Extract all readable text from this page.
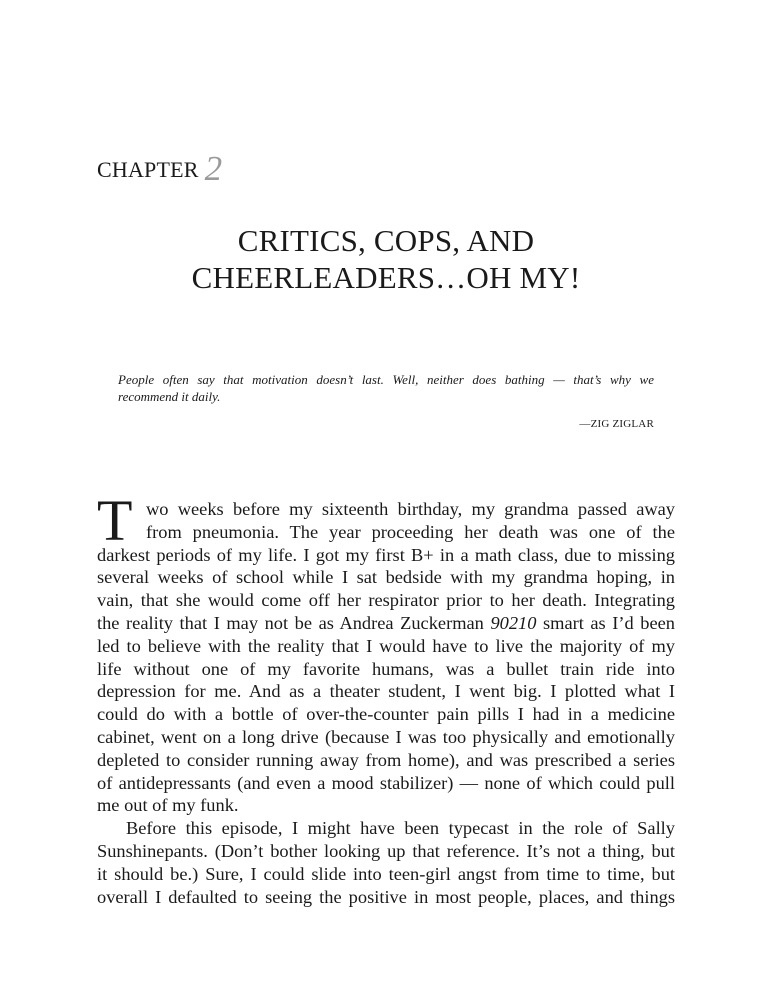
CHAPTER 2
CRITICS, COPS, AND
CHEERLEADERS…OH MY!
People often say that motivation doesn’t last. Well, neither does bathing — that’s why we
recommend it daily.
—ZIG ZIGLAR
T wo weeks before my sixteenth birthday, my grandma passed away
from pneumonia. The year proceeding her death was one of the
darkest periods of my life. I got my first B+ in a math class, due to missing
several weeks of school while I sat bedside with my grandma hoping, in
vain, that she would come off her respirator prior to her death. Integrating
the reality that I may not be as Andrea Zuckerman 90210 smart as I’d been
led to believe with the reality that I would have to live the majority of my
life without one of my favorite humans, was a bullet train ride into
depression for me. And as a theater student, I went big. I plotted what I
could do with a bottle of over-the-counter pain pills I had in a medicine
cabinet, went on a long drive (because I was too physically and emotionally
depleted to consider running away from home), and was prescribed a series
of antidepressants (and even a mood stabilizer) — none of which could pull
me out of my funk.
Before this episode, I might have been typecast in the role of Sally
Sunshinepants. (Don’t bother looking up that reference. It’s not a thing, but
it should be.) Sure, I could slide into teen-girl angst from time to time, but
overall I defaulted to seeing the positive in most people, places, and things
